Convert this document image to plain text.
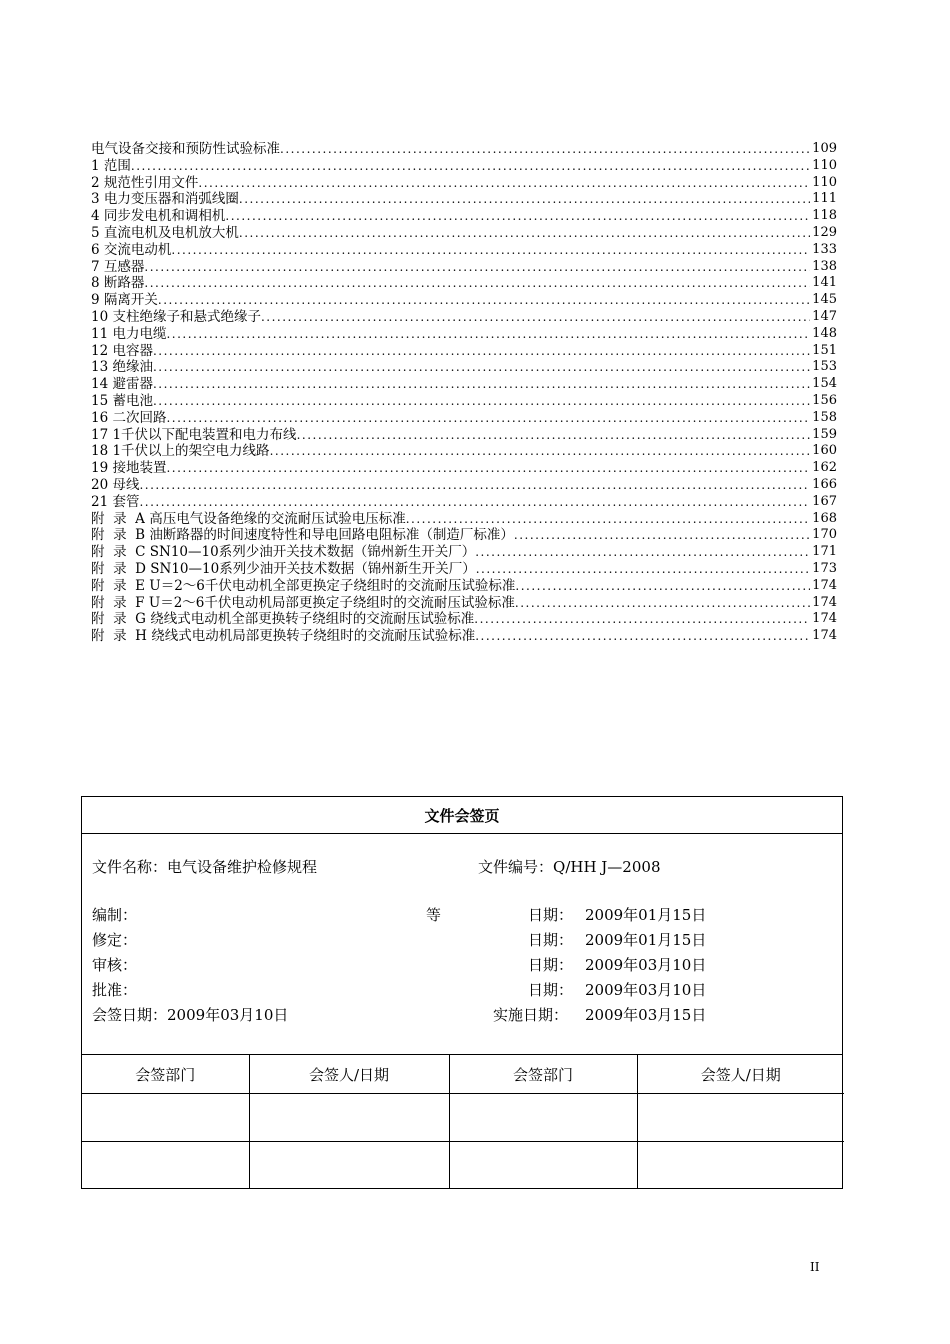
电气设备交接和预防性试验标准 .....	109
1 范围 .....	110
2 规范性引用文件 .....	110
3 电力变压器和消弧线圈 .....	111
4 同步发电机和调相机 .....	118
5 直流电机及电机放大机 .....	129
6 交流电动机 .....	133
7 互感器 .....	138
8 断路器 .....	141
9 隔离开关 .....	145
10 支柱绝缘子和悬式绝缘子 .....	147
11 电力电缆 .....	148
12 电容器 .....	151
13 绝缘油 .....	153
14 避雷器 .....	154
15 蓄电池 .....	156
16 二次回路 .....	158
17 1千伏以下配电装置和电力布线 .....	159
18 1千伏以上的架空电力线路 .....	160
19 接地装置 .....	162
20 母线 .....	166
21 套管 .....	167
附  录  A 高压电气设备绝缘的交流耐压试验电压标准 .....	168
附  录  B 油断路器的时间速度特性和导电回路电阻标准（制造厂标准） .....	170
附  录  C SN10—10系列少油开关技术数据（锦州新生开关厂） .....	171
附  录  D SN10—10系列少油开关技术数据（锦州新生开关厂） .....	173
附  录  E U＝2～6千伏电动机全部更换定子绕组时的交流耐压试验标准 .....	174
附  录  F U＝2～6千伏电动机局部更换定子绕组时的交流耐压试验标准 .....	174
附  录  G 绕线式电动机全部更换转子绕组时的交流耐压试验标准 .....	174
附  录  H 绕线式电动机局部更换转子绕组时的交流耐压试验标准 .....	174
文件会签页
文件名称：电气设备维护检修规程	文件编号：Q/HH J—2008
编制：	等	日期： 2009年01月15日
修定：	日期： 2009年01月15日
审核：	日期： 2009年03月10日
批准：	日期： 2009年03月10日
会签日期：2009年03月10日	实施日期： 2009年03月15日
会签部门	会签人/日期	会签部门	会签人/日期

II
